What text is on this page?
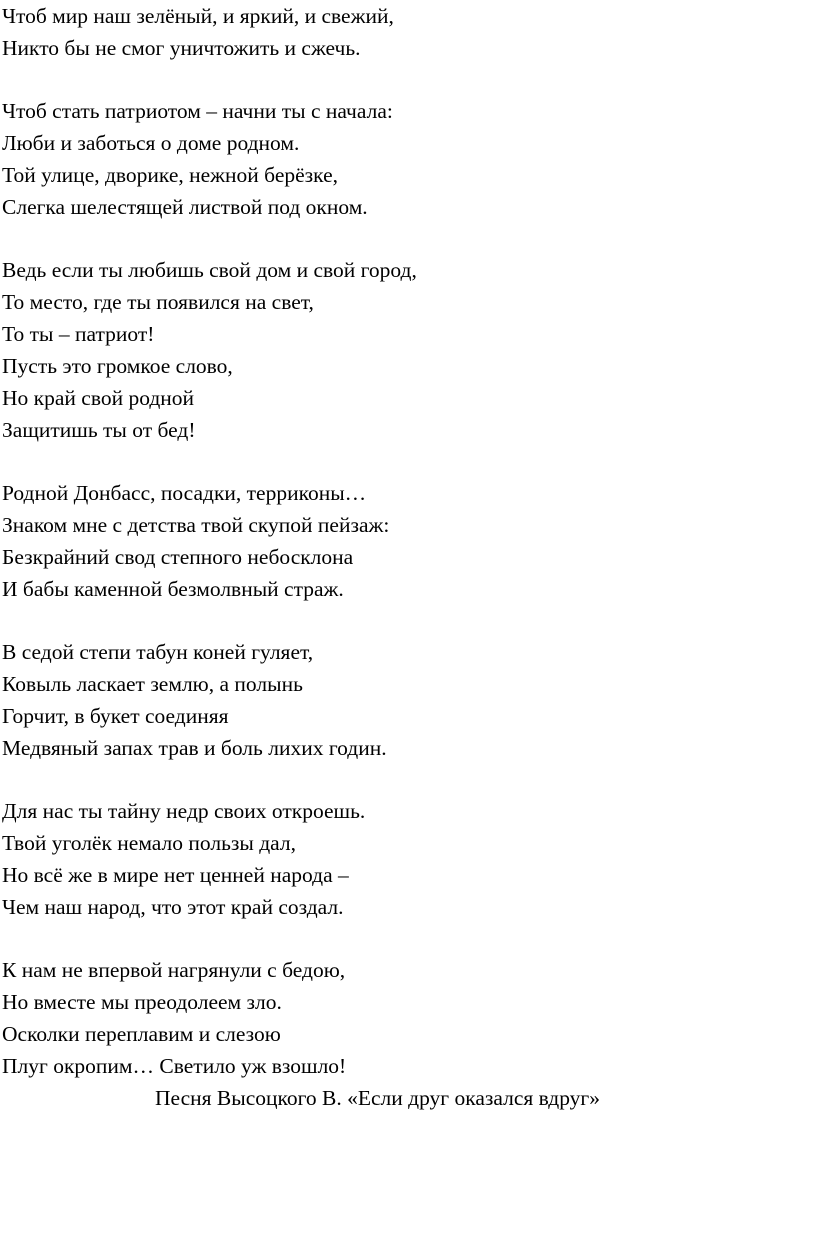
Чтоб мир наш зелёный, и яркий, и свежий,
Никто бы не смог уничтожить и сжечь.
Чтоб стать патриотом – начни ты с начала:
Люби и заботься о доме родном.
Той улице, дворике, нежной берёзке,
Слегка шелестящей листвой под окном.
Ведь если ты любишь свой дом и свой город,
То место, где ты появился на свет,
То ты – патриот!
Пусть это громкое слово,
Но край свой родной
Защитишь ты от бед!
Родной Донбасс, посадки, терриконы…
Знаком мне с детства твой скупой пейзаж:
Безкрайний свод степного небосклона
И бабы каменной безмолвный страж.
В седой степи табун коней гуляет,
Ковыль ласкает землю, а полынь
Горчит, в букет соединяя
Медвяный запах трав и боль лихих годин.
Для нас ты тайну недр своих откроешь.
Твой уголёк немало пользы дал,
Но всё же в мире нет ценней народа –
Чем наш народ, что этот край создал.
К нам не впервой нагрянули с бедою,
Но вместе мы преодолеем зло.
Осколки переплавим и слезою
Плуг окропим… Светило уж взошло!
Песня Высоцкого В. «Если друг оказался вдруг»
